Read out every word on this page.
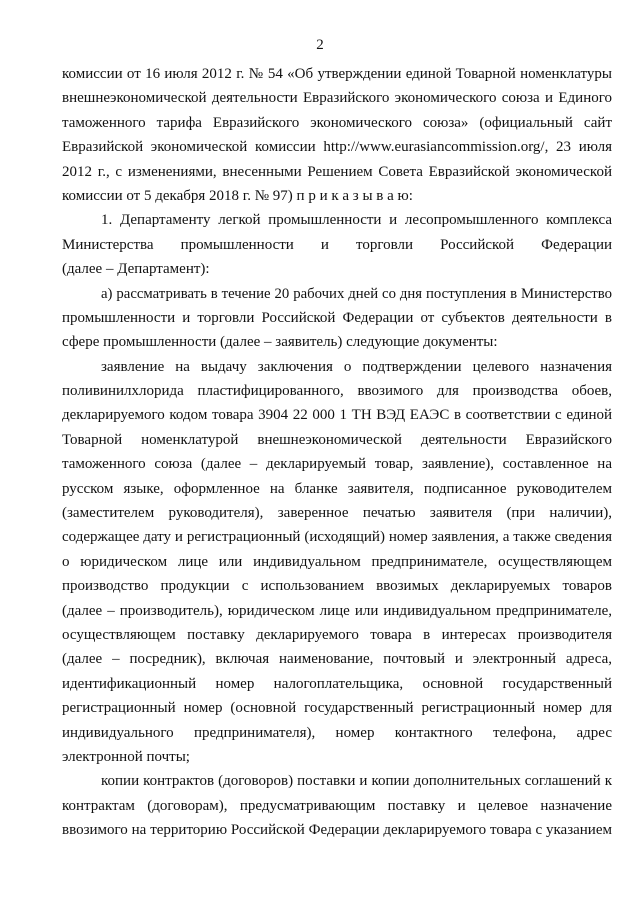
2
комиссии от 16 июля 2012 г. № 54 «Об утверждении единой Товарной номенклатуры
внешнеэкономической деятельности Евразийского экономического союза и Единого
таможенного тарифа Евразийского экономического союза» (официальный сайт
Евразийской экономической комиссии http://www.eurasiancommission.org/, 23 июля
2012 г., с изменениями, внесенными Решением Совета Евразийской экономической
комиссии от 5 декабря 2018 г. № 97) п р и к а з ы в а ю:
1. Департаменту легкой промышленности и лесопромышленного комплекса
Министерства промышленности и торговли Российской Федерации
(далее – Департамент):
а) рассматривать в течение 20 рабочих дней со дня поступления в Министерство
промышленности и торговли Российской Федерации от субъектов деятельности в
сфере промышленности (далее – заявитель) следующие документы:
заявление на выдачу заключения о подтверждении целевого назначения
поливинилхлорида пластифицированного, ввозимого для производства обоев,
декларируемого кодом товара 3904 22 000 1 ТН ВЭД ЕАЭС в соответствии с единой
Товарной номенклатурой внешнеэкономической деятельности Евразийского
таможенного союза (далее – декларируемый товар, заявление), составленное на
русском языке, оформленное на бланке заявителя, подписанное руководителем
(заместителем руководителя), заверенное печатью заявителя (при наличии),
содержащее дату и регистрационный (исходящий) номер заявления, а также сведения
о юридическом лице или индивидуальном предпринимателе, осуществляющем
производство продукции с использованием ввозимых декларируемых товаров
(далее – производитель), юридическом лице или индивидуальном предпринимателе,
осуществляющем поставку декларируемого товара в интересах производителя
(далее – посредник), включая наименование, почтовый и электронный адреса,
идентификационный номер налогоплательщика, основной государственный
регистрационный номер (основной государственный регистрационный номер для
индивидуального предпринимателя), номер контактного телефона, адрес
электронной почты;
копии контрактов (договоров) поставки и копии дополнительных соглашений к
контрактам (договорам), предусматривающим поставку и целевое назначение
ввозимого на территорию Российской Федерации декларируемого товара с указанием
